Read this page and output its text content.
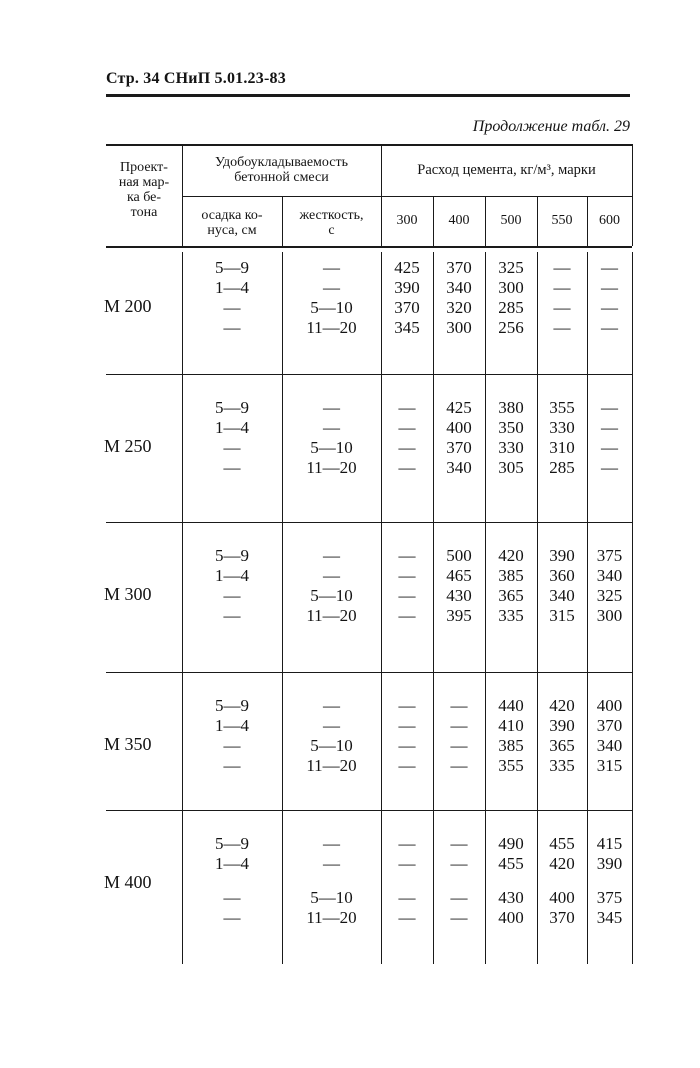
Стр. 34 СНиП 5.01.23-83
Продолжение табл. 29
Проект-
ная мар-
ка бе-
тона
Удобоукладываемость
бетонной смеси
осадка ко-
нуса, см
жесткость,
с
Расход цемента, кг/м³, марки
300	400	500	550	600
М 200
5—9	—	425	370	325	—	—
1—4	—	390	340	300	—	—
—	5—10	370	320	285	—	—
—	11—20	345	300	256	—	—
М 250
5—9	—	—	425	380	355	—
1—4	—	—	400	350	330	—
—	5—10	—	370	330	310	—
—	11—20	—	340	305	285	—
М 300
5—9	—	—	500	420	390	375
1—4	—	—	465	385	360	340
—	5—10	—	430	365	340	325
—	11—20	—	395	335	315	300
М 350
5—9	—	—	—	440	420	400
1—4	—	—	—	410	390	370
—	5—10	—	—	385	365	340
—	11—20	—	—	355	335	315
М 400
5—9	—	—	—	490	455	415
1—4	—	—	—	455	420	390
—	5—10	—	—	430	400	375
—	11—20	—	—	400	370	345
